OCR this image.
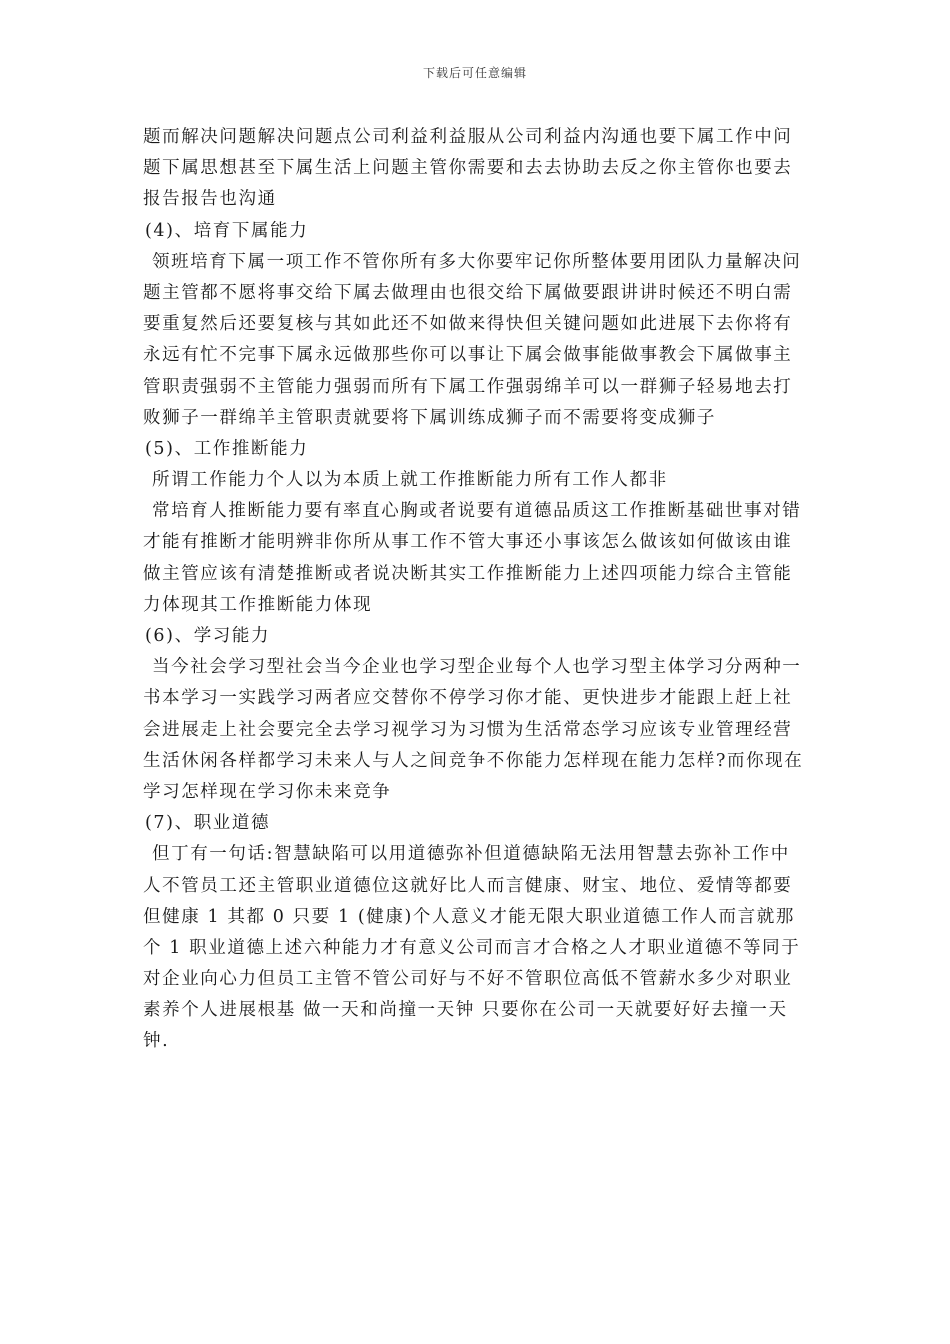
下载后可任意编辑
题而解决问题解决问题点公司利益利益服从公司利益内沟通也要下属工作中问
题下属思想甚至下属生活上问题主管你需要和去去协助去反之你主管你也要去
报告报告也沟通
(4)、培育下属能力
领班培育下属一项工作不管你所有多大你要牢记你所整体要用团队力量解决问
题主管都不愿将事交给下属去做理由也很交给下属做要跟讲讲时候还不明白需
要重复然后还要复核与其如此还不如做来得快但关键问题如此进展下去你将有
永远有忙不完事下属永远做那些你可以事让下属会做事能做事教会下属做事主
管职责强弱不主管能力强弱而所有下属工作强弱绵羊可以一群狮子轻易地去打
败狮子一群绵羊主管职责就要将下属训练成狮子而不需要将变成狮子
(5)、工作推断能力
所谓工作能力个人以为本质上就工作推断能力所有工作人都非
常培育人推断能力要有率直心胸或者说要有道德品质这工作推断基础世事对错
才能有推断才能明辨非你所从事工作不管大事还小事该怎么做该如何做该由谁
做主管应该有清楚推断或者说决断其实工作推断能力上述四项能力综合主管能
力体现其工作推断能力体现
(6)、学习能力
当今社会学习型社会当今企业也学习型企业每个人也学习型主体学习分两种一
书本学习一实践学习两者应交替你不停学习你才能、更快进步才能跟上赶上社
会进展走上社会要完全去学习视学习为习惯为生活常态学习应该专业管理经营
生活休闲各样都学习未来人与人之间竞争不你能力怎样现在能力怎样?而你现在
学习怎样现在学习你未来竞争
(7)、职业道德
但丁有一句话:智慧缺陷可以用道德弥补但道德缺陷无法用智慧去弥补工作中
人不管员工还主管职业道德位这就好比人而言健康、财宝、地位、爱情等都要
但健康 1 其都 0 只要 1 (健康)个人意义才能无限大职业道德工作人而言就那
个 1 职业道德上述六种能力才有意义公司而言才合格之人才职业道德不等同于
对企业向心力但员工主管不管公司好与不好不管职位高低不管薪水多少对职业
素养个人进展根基 做一天和尚撞一天钟 只要你在公司一天就要好好去撞一天
钟.
